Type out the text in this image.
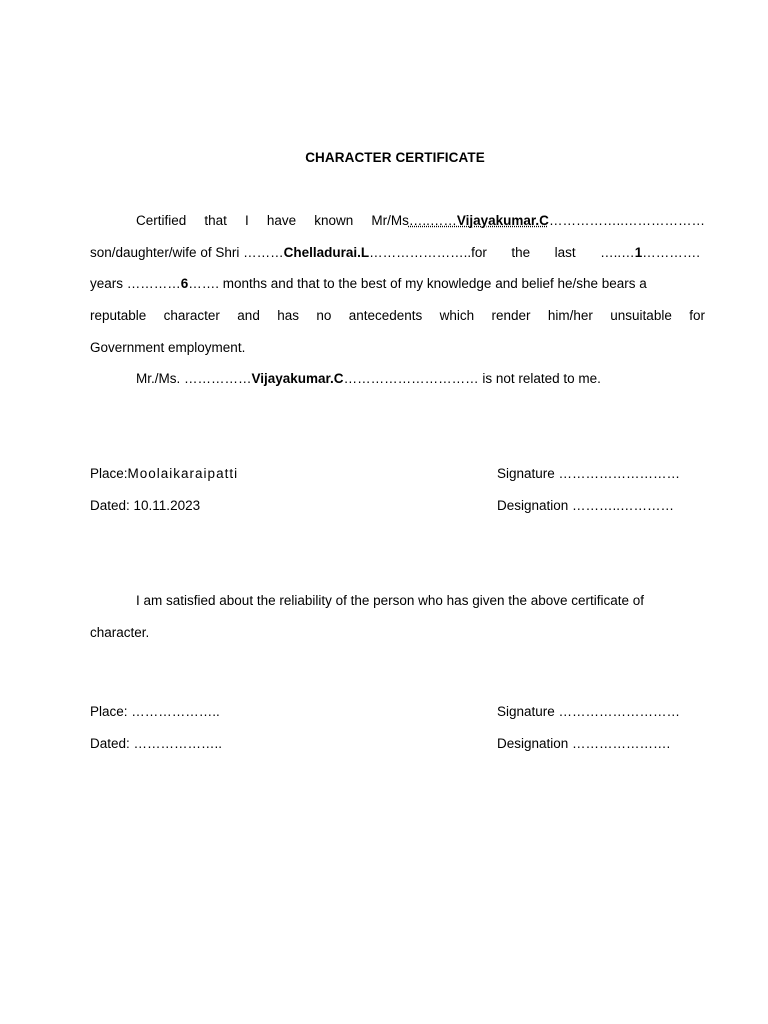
CHARACTER CERTIFICATE
Certified that I have known Mr/Ms…..……Vijayakumar.C……………..………………
son/daughter/wife of Shri ………Chelladurai.L…………………..for the last …..…1………….
years …………6……. months and that to the best of my knowledge and belief he/she bears a
reputable character and has no antecedents which render him/her unsuitable for
Government employment.
Mr./Ms. ……………Vijayakumar.C………………………… is not related to me.
Place:Moolaikaraipatti	Signature ………………………
Dated: 10.11.2023	Designation ………..…………
I am satisfied about the reliability of the person who has given the above certificate of
character.
Place: ………………..	Signature ………………………
Dated: ………………..	Designation ………………….
